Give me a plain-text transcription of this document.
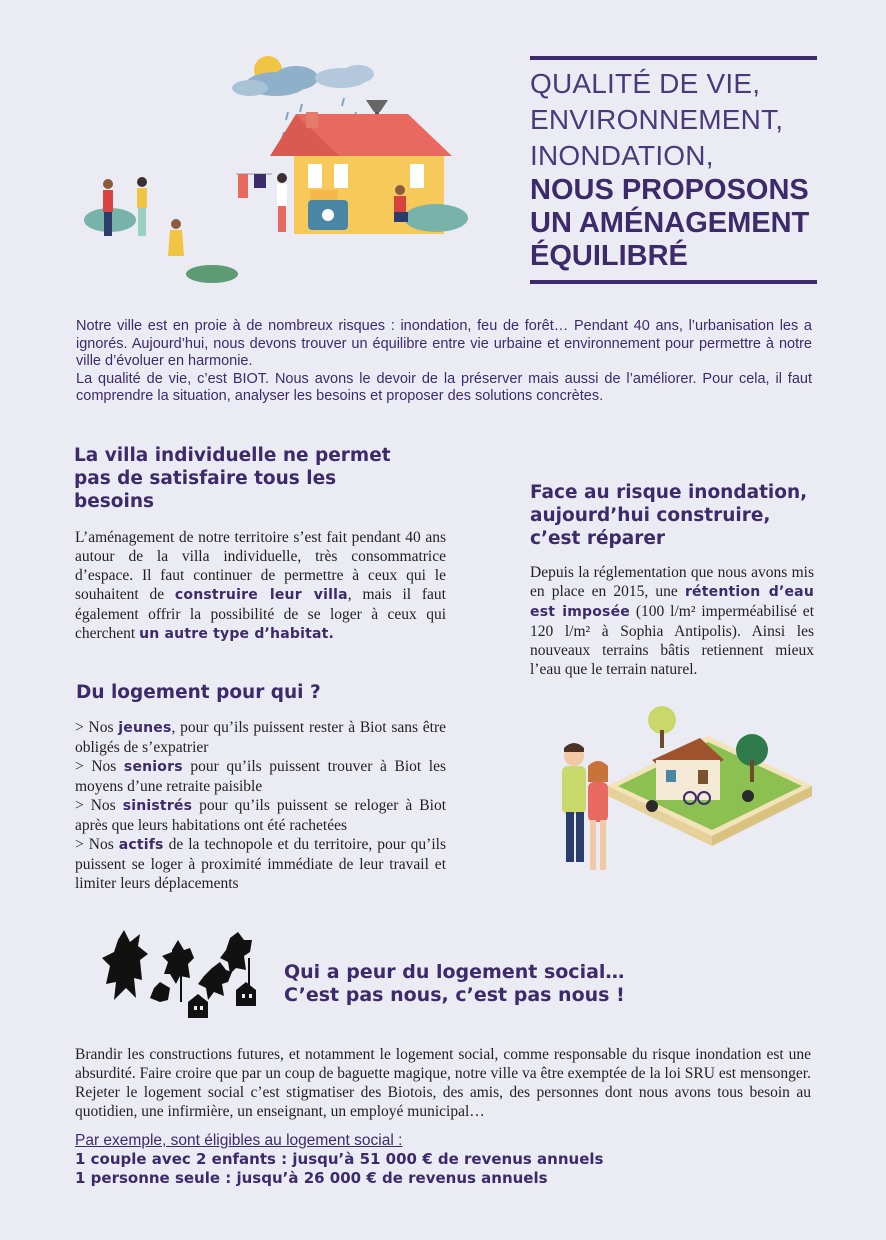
QUALITÉ DE VIE,
ENVIRONNEMENT,
INONDATION,
NOUS PROPOSONS
UN AMÉNAGEMENT
ÉQUILIBRÉ

Notre ville est en proie à de nombreux risques : inondation, feu de forêt… Pendant 40 ans, l’urbanisation les a ignorés. Aujourd’hui, nous devons trouver un équilibre entre vie urbaine et environnement pour permettre à notre ville d’évoluer en harmonie.

La qualité de vie, c’est BIOT. Nous avons le devoir de la préserver mais aussi de l’améliorer. Pour cela, il faut comprendre la situation, analyser les besoins et proposer des solutions concrètes.

La villa individuelle ne permet pas de satisfaire tous les besoins
L’aménagement de notre territoire s’est fait pendant 40 ans autour de la villa individuelle, très consommatrice d’espace. Il faut continuer de permettre à ceux qui le souhaitent de construire leur villa, mais il faut également offrir la possibilité de se loger à ceux qui cherchent un autre type d’habitat.
Du logement pour qui ?

> Nos jeunes, pour qu’ils puissent rester à Biot sans être obligés de s’expatrier

> Nos seniors pour qu’ils puissent trouver à Biot les moyens d’une retraite paisible

> Nos sinistrés pour qu’ils puissent se reloger à Biot après que leurs habitations ont été rachetées

> Nos actifs de la technopole et du territoire, pour qu’ils puissent se loger à proximité immédiate de leur travail et limiter leurs déplacements

Face au risque inondation, aujourd’hui construire, c’est réparer
Depuis la réglementation que nous avons mis en place en 2015, une rétention d’eau est imposée (100 l/m² imperméabilisé et 120 l/m² à Sophia Antipolis). Ainsi les nouveaux terrains bâtis retiennent mieux l’eau que le terrain naturel.
Qui a peur du logement social…
C’est pas nous, c’est pas nous !

Brandir les constructions futures, et notamment le logement social, comme responsable du risque inondation est une absurdité. Faire croire que par un coup de baguette magique, notre ville va être exemptée de la loi SRU est mensonger. Rejeter le logement social c’est stigmatiser des Biotois, des amis, des personnes dont nous avons tous besoin au quotidien, une infirmière, un enseignant, un employé municipal…

Par exemple, sont éligibles au logement social :
1 couple avec 2 enfants : jusqu’à 51 000 € de revenus annuels
1 personne seule : jusqu’à 26 000 € de revenus annuels
